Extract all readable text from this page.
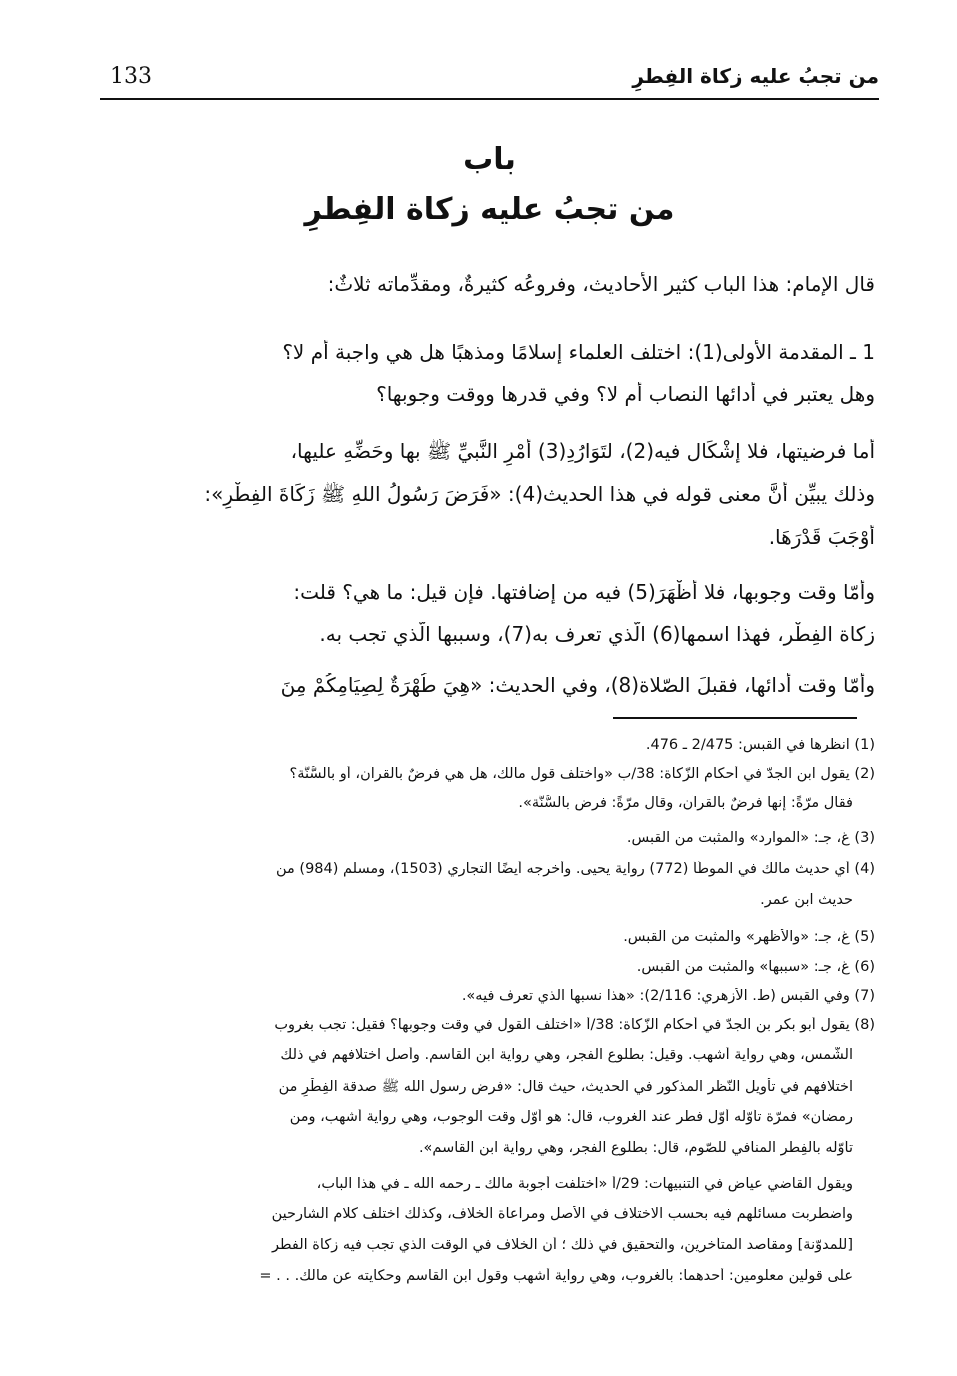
من تجبُ عليه زكاة الفِطرِ
133
باب
من تجبُ عليه زكاة الفِطرِ
قال الإمام: هذا الباب كثير الأحاديث، وفروعُه كثيرةٌ، ومقدِّماته ثلاثٌ:
1 ـ المقدمة الأولى(1): اختلف العلماء إسلامًا ومذهبًا هل هي واجبة أم لا؟
وهل يعتبر في أدائها النصاب أم لا؟ وفي قدرها ووقت وجوبها؟
أما فرضيتها، فلا إشْكَال فيه(2)، لتَوَارُدِ(3) أَمْرِ النَّبيِّ ﷺ بها وحَضِّهِ عليها،
وذلك يبيِّن أنَّ معنى قوله في هذا الحديث(4): «فَرَضَ رَسُولُ اللهِ ﷺ زَكَاةَ الفِطْرِ»:
أَوْجَبَ قَدْرَهَا.
وأمّا وقت وجوبها، فلا أَظْهَرَ(5) فيه من إضافتها. فإن قيل: ما هي؟ قلت:
زكاة الفِطْر، فهذا اسمها(6) الّذي تعرف به(7)، وسببها الّذي تجب به.
وأمّا وقت أدائها، فقبلَ الصّلاة(8)، وفي الحديث: «هِيَ طُهْرَةٌ لِصِيَامِكُمْ مِنَ
(1) انظرها في القبس: 2/475 ـ 476.
(2) يقول ابن الجدّ في أحكام الزّكاة: 38/ب «واختلف قول مالك، هل هي فرضٌ بالقرآن، أو بالسُّنَّة؟
فقال مرّةً: إنها فرضٌ بالقرآن، وقال مرّةً: فرض بالسُّنَّة».
(3) غ، جـ: «الموارد» والمثبت من القبس.
(4) أي حديث مالك في الموطّأ (772) رواية يحيى. وأخرجه أيضًا التجاري (1503)، ومسلم (984) من
حديث ابن عمر.
(5) غ، جـ: «والأظهر» والمثبت من القبس.
(6) غ، جـ: «سببها» والمثبت من القبس.
(7) وفي القبس (ط. الأزهري: 2/116): «هذا نسبها الذي تعرف فيه».
(8) يقول أبو بكر بن الجدّ في أحكام الزّكاة: 38/أ «اختلف القول في وقت وجوبها؟ فقيل: تجب بغروب
الشّمس، وهي رواية أشهب. وقيل: بطلوع الفجر، وهي رواية ابن القاسم. وأصل اختلافهم في ذلك
اختلافهم في تأويل النّظر المذكور في الحديث، حيث قال: «فرض رسول الله ﷺ صدقة الفِطْرِ من
رمضان» فمرّة تأوّله أوّل فطر عند الغروب، قال: هو أوّل وقت الوجوب، وهي رواية أشهب، ومن
تأوّله بالفِطْرِ المنافي للصّوم، قال: بطلوع الفجر، وهي رواية ابن القاسم».
ويقول القاضي عياض في التنبيهات: 29/أ «اختلفت أجوبة مالك ـ رحمه الله ـ في هذا الباب،
واضطربت مسائلهم فيه بحسب الاختلاف في الأصل ومراعاة الخلاف، وكذلك اختلف كلام الشارحين
[للمدوّنة] ومقاصد المتأخرين، والتحقيق في ذلك ؛ أن الخلاف في الوقت الذي تجب فيه زكاة الفطر
على قولين معلومين: أحدهما: بالغروب، وهي رواية أشهب وقول ابن القاسم وحكايته عن مالك. . . =
